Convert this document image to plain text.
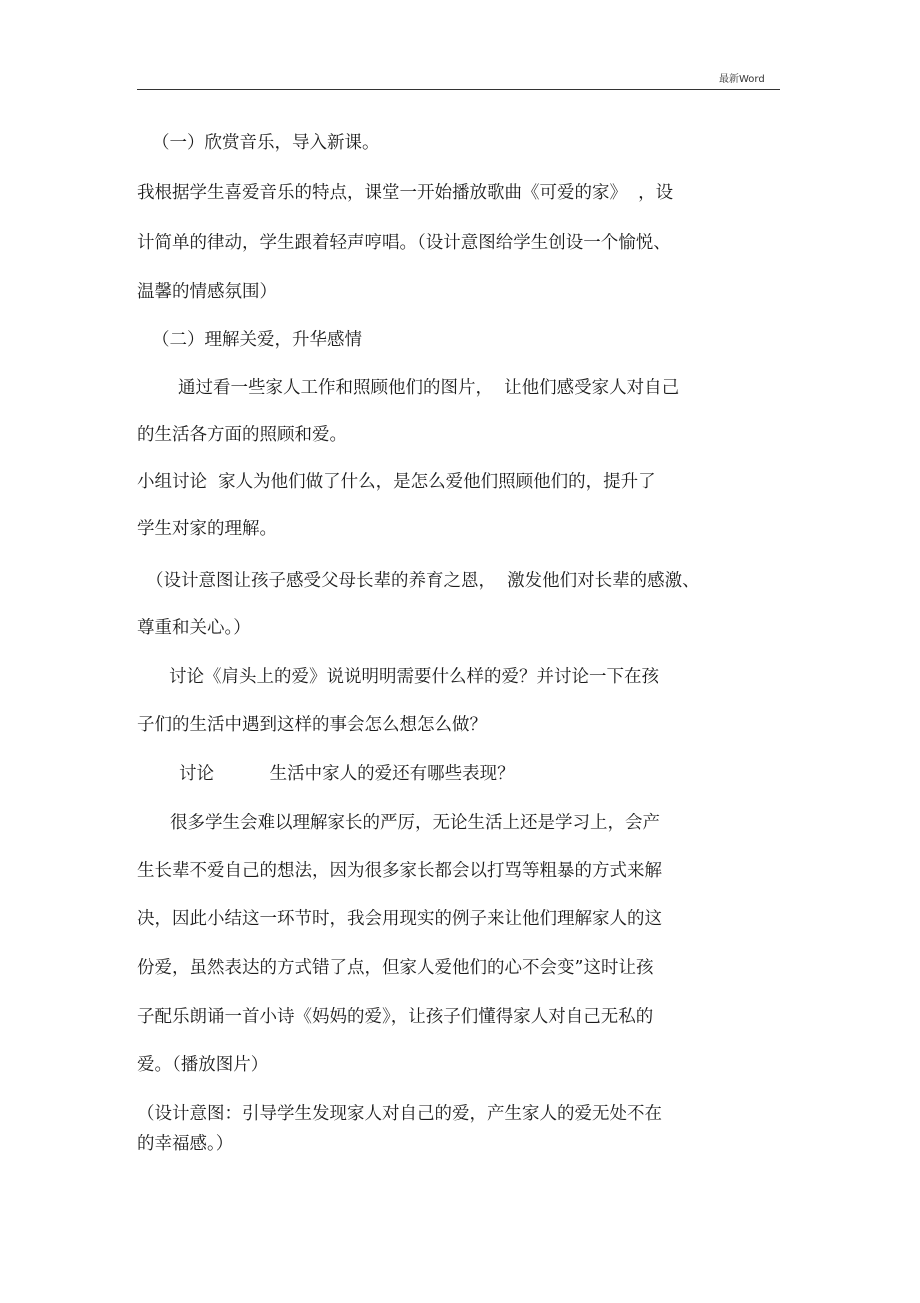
最新Word
（一）欣赏音乐，导入新课。
我根据学生喜爱音乐的特点，课堂一开始播放歌曲《可爱的家》  ，设
计简单的律动，学生跟着轻声哼唱。（设计意图给学生创设一个愉悦、
温馨的情感氛围）
（二）理解关爱，升华感情
通过看一些家人工作和照顾他们的图片，  让他们感受家人对自己
的生活各方面的照顾和爱。
小组讨论  家人为他们做了什么，是怎么爱他们照顾他们的，提升了
学生对家的理解。
（设计意图让孩子感受父母长辈的养育之恩，  激发他们对长辈的感激、
尊重和关心。）
讨论《肩头上的爱》说说明明需要什么样的爱？并讨论一下在孩
子们的生活中遇到这样的事会怎么想怎么做？
讨论          生活中家人的爱还有哪些表现？
很多学生会难以理解家长的严厉，无论生活上还是学习上，会产
生长辈不爱自己的想法，因为很多家长都会以打骂等粗暴的方式来解
决，因此小结这一环节时，我会用现实的例子来让他们理解家人的这
份爱，虽然表达的方式错了点，但家人爱他们的心不会变”这时让孩
子配乐朗诵一首小诗《妈妈的爱》，让孩子们懂得家人对自己无私的
爱。（播放图片）
（设计意图：引导学生发现家人对自己的爱，产生家人的爱无处不在
的幸福感。）
